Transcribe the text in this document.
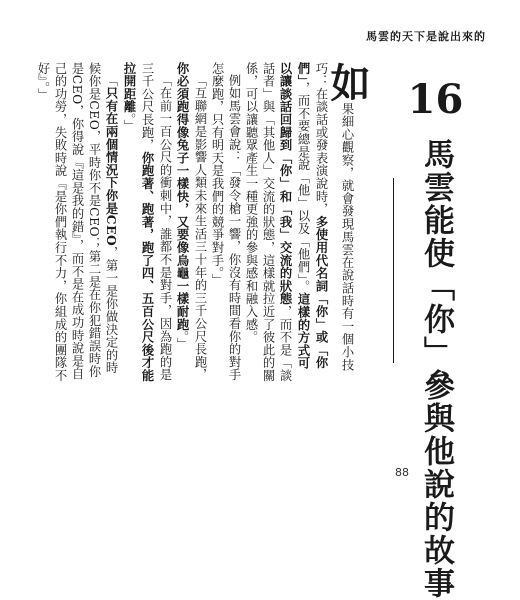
馬雲的天下是說出來的
16
馬雲能使「你」參與他說的故事

如果細心觀察，就會發現馬雲在說話時有一個小技巧：在談話或發表演說時，多使用代名詞「你」或「你們」，而不要總是說「他」以及「他們」。這樣的方式可以讓談話回歸到「你」和「我」交流的狀態，而不是「談話者」與「其他人」交流的狀態，這樣就拉近了彼此的關係，可以讓聽眾產生一種更強的參與感和融入感。

例如馬雲會說：「發令槍一響，你沒有時間看你的對手怎麼跑，只有明天是我們的競爭對手。」

「互聯網是影響人類未來生活三十年的三千公尺長跑，你必須跑得像兔子一樣快，又要像烏龜一樣耐跑。」

「在前一百公尺的衝刺中，誰都不是對手，因為跑的是三千公尺長跑，你跑著、跑著，跑了四、五百公尺後才能拉開距離。」

「只有在兩個情況下你是CEO，第一是你做決定的時候你是CEO，平時你不是CEO；第二是在你犯錯誤時你是CEO，你得說『這是我的錯』，而不是在成功時說是自己的功勞，失敗時說『是你們執行不力，你組成的團隊不好』。」

88
